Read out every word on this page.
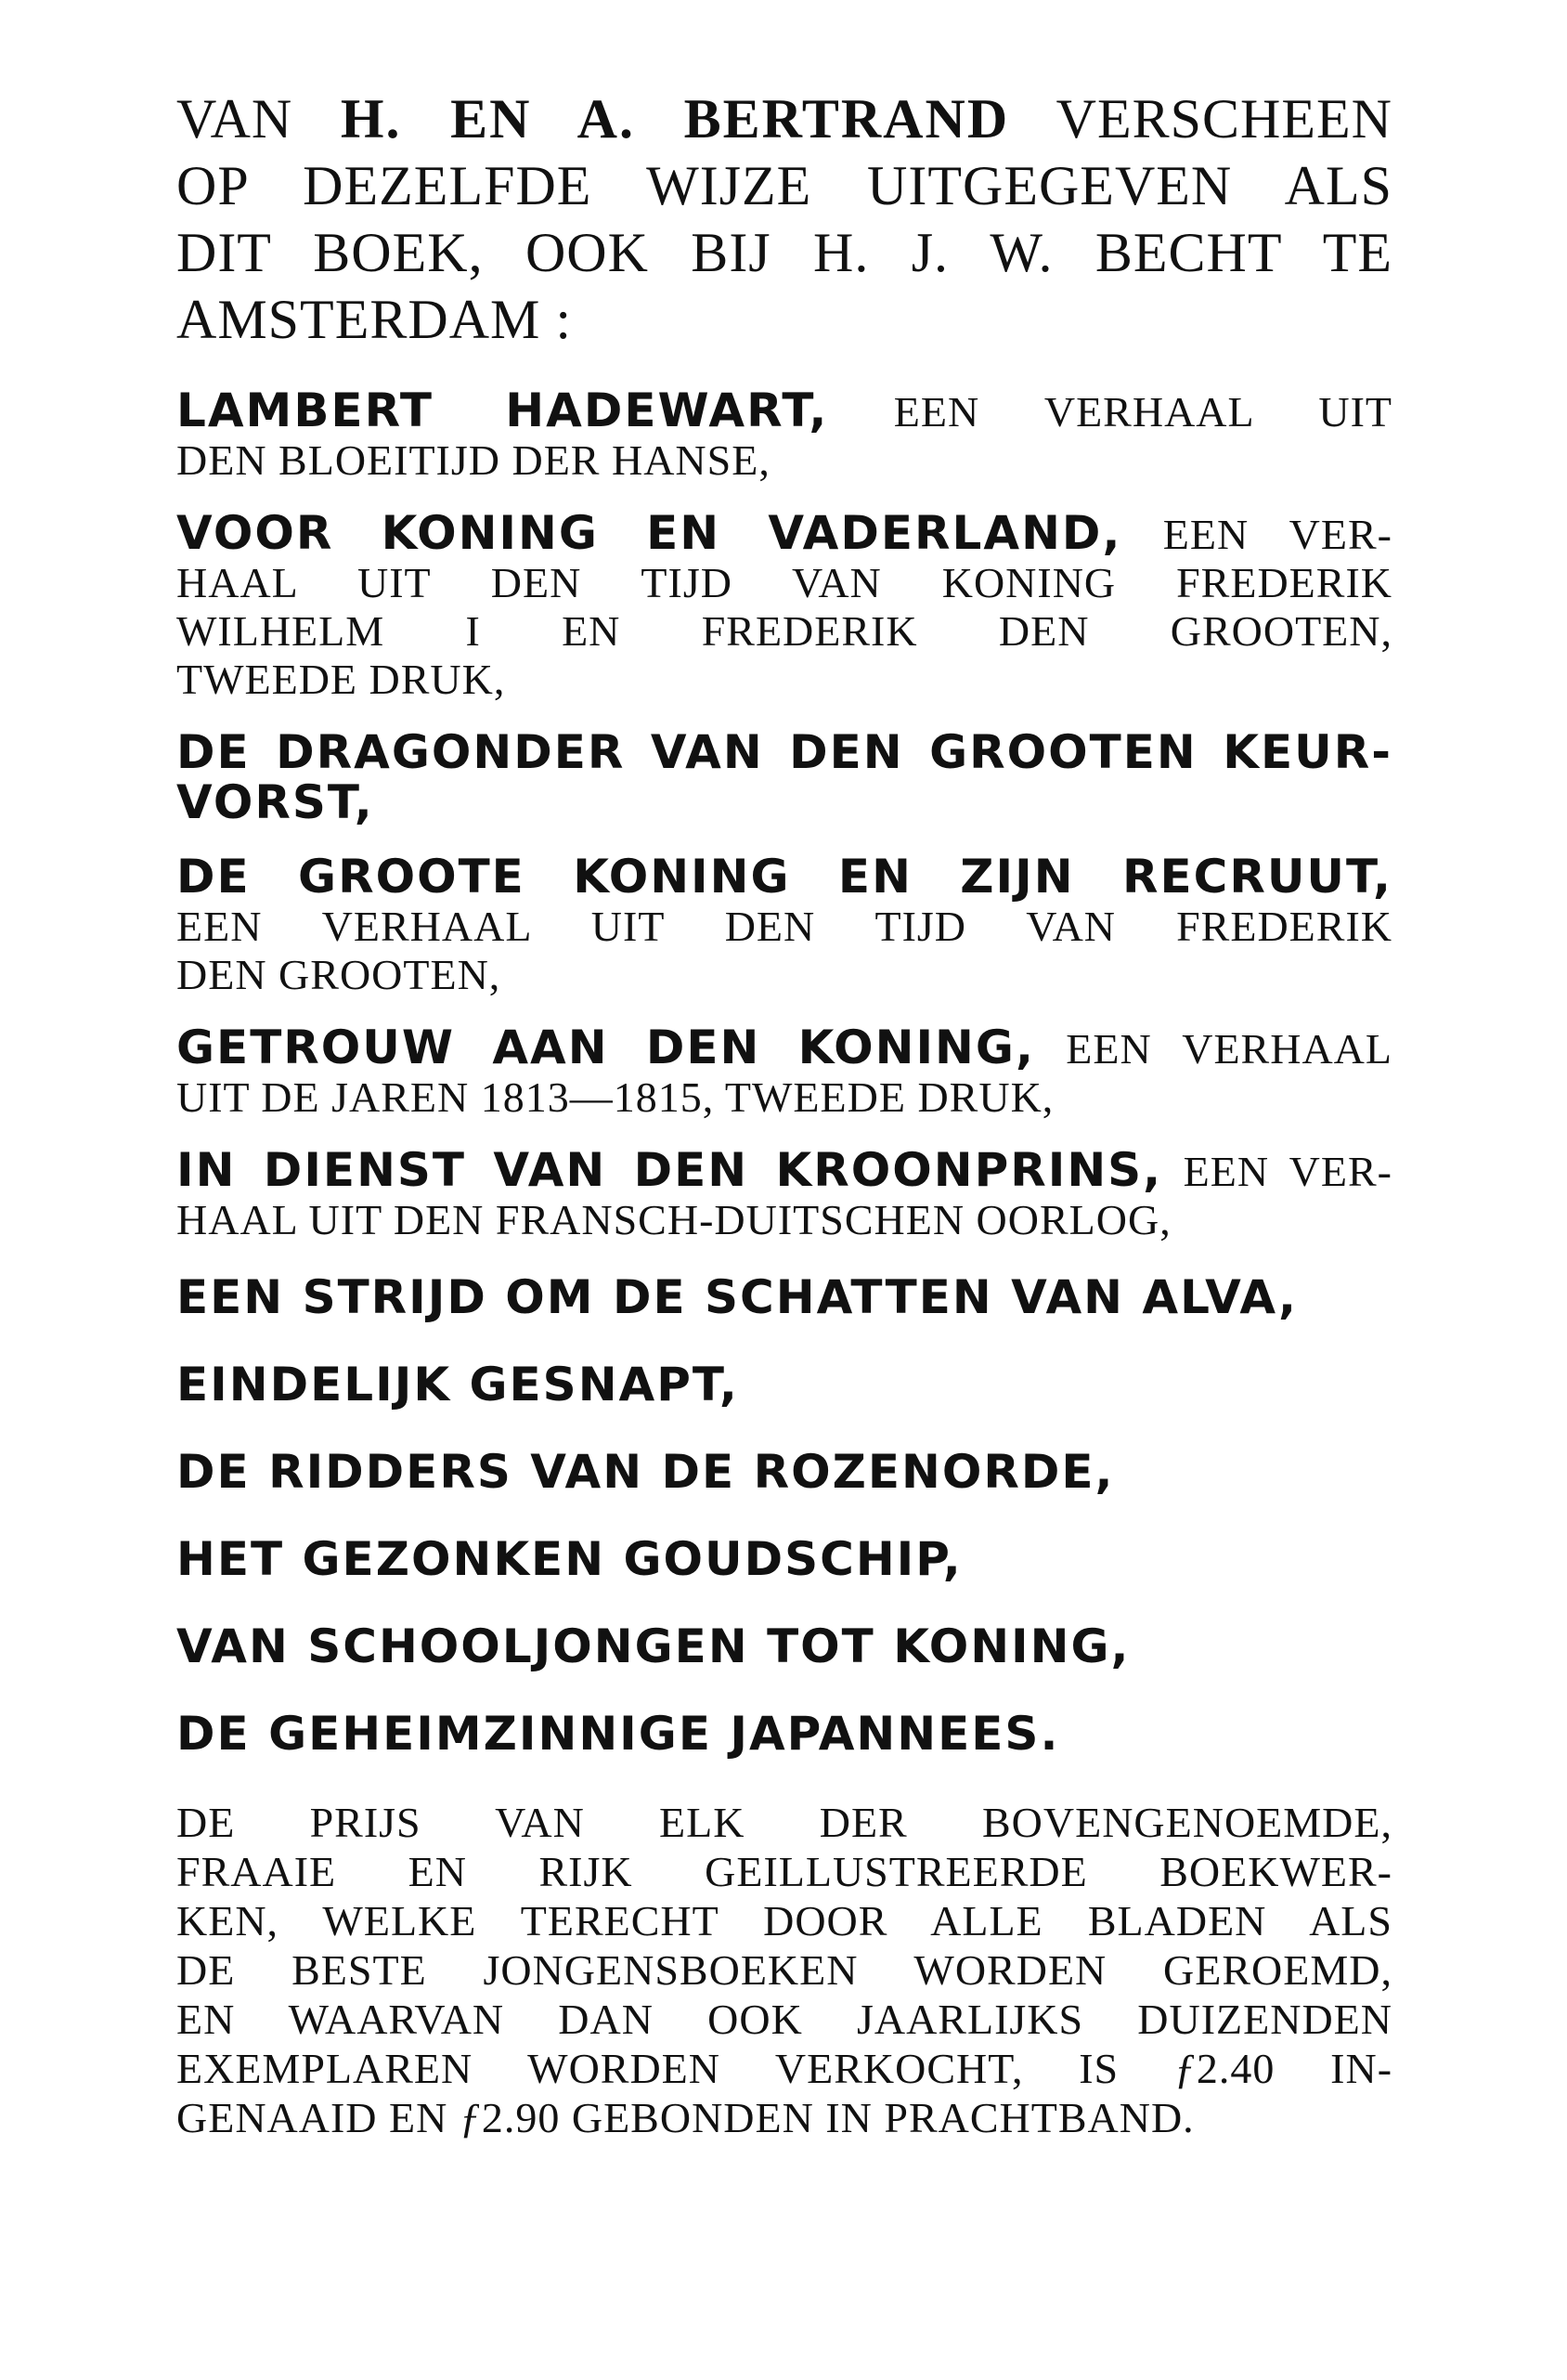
VAN H. EN A. BERTRAND VERSCHEEN
OP DEZELFDE WIJZE UITGEGEVEN ALS
DIT BOEK, OOK BIJ H. J. W. BECHT TE
AMSTERDAM :
LAMBERT HADEWART, EEN VERHAAL UIT
DEN BLOEITIJD DER HANSE,
VOOR KONING EN VADERLAND, EEN VER-
HAAL UIT DEN TIJD VAN KONING FREDERIK
WILHELM I EN FREDERIK DEN GROOTEN,
TWEEDE DRUK,
DE DRAGONDER VAN DEN GROOTEN KEUR-
VORST,
DE GROOTE KONING EN ZIJN RECRUUT,
EEN VERHAAL UIT DEN TIJD VAN FREDERIK
DEN GROOTEN,
GETROUW AAN DEN KONING, EEN VERHAAL
UIT DE JAREN 1813—1815, TWEEDE DRUK,
IN DIENST VAN DEN KROONPRINS, EEN VER-
HAAL UIT DEN FRANSCH-DUITSCHEN OORLOG,
EEN STRIJD OM DE SCHATTEN VAN ALVA,
EINDELIJK GESNAPT,
DE RIDDERS VAN DE ROZENORDE,
HET GEZONKEN GOUDSCHIP,
VAN SCHOOLJONGEN TOT KONING,
DE GEHEIMZINNIGE JAPANNEES.
DE PRIJS VAN ELK DER BOVENGENOEMDE,
FRAAIE EN RIJK GEILLUSTREERDE BOEKWER-
KEN, WELKE TERECHT DOOR ALLE BLADEN ALS
DE BESTE JONGENSBOEKEN WORDEN GEROEMD,
EN WAARVAN DAN OOK JAARLIJKS DUIZENDEN
EXEMPLAREN WORDEN VERKOCHT, IS ƒ2.40 IN-
GENAAID EN ƒ2.90 GEBONDEN IN PRACHTBAND.
